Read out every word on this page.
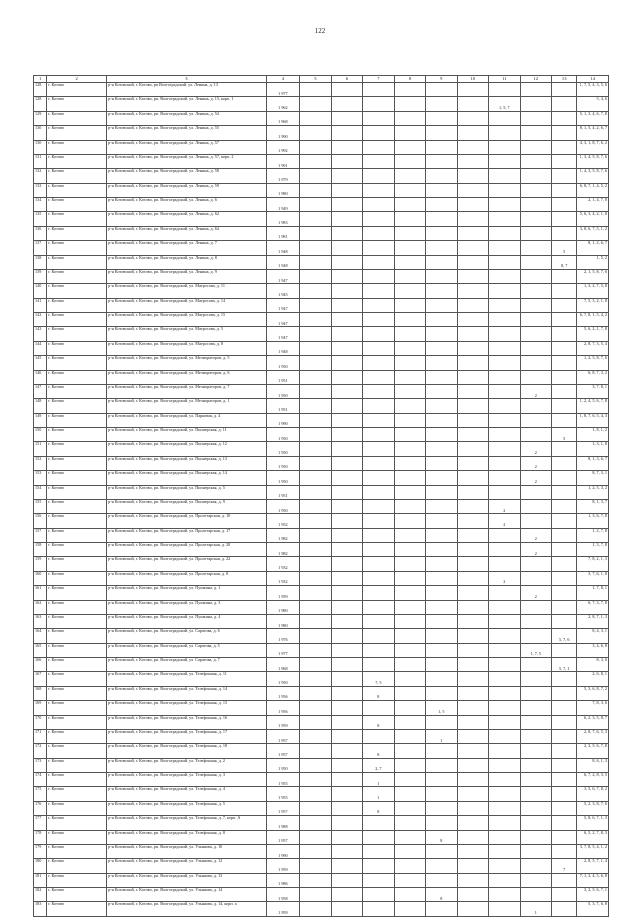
122
1	2	3	4	5	6	7	8	9	10	11	12	13	14
128	г. Котово	р-н Котовский, г. Котово, рп Волгоградский, ул. Ленина, д. 13	1 977										1, 7, 5, 4, 3, 5, 6
128	г. Котово	р-н Котовский, г. Котово, рп. Волгоградский, ул. Ленина, д. 15, корп. 1	1 962							1, 5, 7			5, 4, 6
129	г. Котово	р-н Котовский, г. Котово, рп. Волгоградский, ул. Ленина, д. 54	1 968										5, 1, 3, 4, 6, 7, 8
130	г. Котово	р-н Котовский, г. Котово, рп. Волгоградский, ул. Ленина, д. 55	1 990										8, 1, 5, 4, 2, 6, 7
130	г. Котово	р-н Котовский, г. Котово, рп. Волгоградский, ул. Ленина, д. 57	1 992										4, 3, 1, 8, 7, 6, 2
131	г. Котово	р-н Котовский, г. Котово, рп. Волгоградский, ул. Ленина, д. 57, корп. 2	1 991										1, 3, 4, 5, 8, 7, 6
132	г. Котово	р-н Котовский, г. Котово, рп. Волгоградский, ул. Ленина, д. 58	1 979										1, 4, 3, 5, 8, 7, 6
133	г. Котово	р-н Котовский, г. Котово, рп. Волгоградский, ул. Ленина, д. 59	1 980										6, 8, 7, 1, 4, 5, 2
134	г. Котово	р-н Котовский, г. Котово, рп. Волгоградский, ул. Ленина, д. 6	1 949										2, 1, 4, 7, 8
135	г. Котово	р-н Котовский, г. Котово, рп. Волгоградский, ул. Ленина, д. 62	1 983										5, 6, 3, 4, 2, 1, 8
136	г. Котово	р-н Котовский, г. Котово, рп. Волгоградский, ул. Ленина, д. 64	1 981										3, 8, 6, 7, 5, 1, 2
137	г. Котово	р-н Котовский, г. Котово, рп. Волгоградский, ул. Ленина, д. 7	1 948									5	8, 1, 2, 6, 7
138	г. Котово	р-н Котовский, г. Котово, рп. Волгоградский, ул. Ленина, д. 8	1 948									8, 7	1, 5, 2
139	г. Котово	р-н Котовский, г. Котово, рп. Волгоградский, ул. Ленина, д. 9	1 947										2, 1, 5, 8, 7, 6
140	г. Котово	р-н Котовский, г. Котово, рп. Волгоградский, ул. Матросова, д. 11	1 945										1, 3, 2, 7, 5, 8
141	г. Котово	р-н Котовский, г. Котово, рп. Волгоградский, ул. Матросова, д. 14	1 947										7, 5, 3, 2, 1, 8
142	г. Котово	р-н Котовский, г. Котово, рп. Волгоградский, ул. Матросова, д. 15	1 947										6, 7, 8, 1, 5, 4, 2
143	г. Котово	р-н Котовский, г. Котово, рп. Волгоградский, ул. Матросова, д. 5	1 947										5, 6, 2, 1, 7, 8
144	г. Котово	р-н Котовский, г. Котово, рп. Волгоградский, ул. Матросова, д. 8	1 948										2, 8, 7, 3, 5, 4
145	г. Котово	р-н Котовский, г. Котово, рп. Волгоградский, ул. Мелиораторов, д. 5	1 950										1, 2, 5, 8, 7, 6
146	г. Котово	р-н Котовский, г. Котово, рп. Волгоградский, ул. Мелиораторов, д. 6	1 951										6, 8, 7, 3, 2
147	г. Котово	р-н Котовский, г. Котово, рп. Волгоградский, ул. Мелиораторов, д. 7	1 950								2		3, 7, 8, 1
148	г. Котово	р-н Котовский, г. Котово, рп. Волгоградский, ул. Мелиораторов, д. 1	1 951										1, 2, 4, 5, 6, 7, 8
149	г. Котово	р-н Котовский, г. Котово, рп. Волгоградский, ул. Парковая, д. 4	1 990										1, 8, 7, 6, 5, 4, 3
150	г. Котово	р-н Котовский, г. Котово, рп. Волгоградский, ул. Пионерская, д. 11	1 950									5	1, 8, 1, 2
151	г. Котово	р-н Котовский, г. Котово, рп. Волгоградский, ул. Пионерская, д. 12	1 950								2		1, 3, 1, 8
152	г. Котово	р-н Котовский, г. Котово, рп. Волгоградский, ул. Пионерская, д. 13	1 950								2		8, 1, 3, 6, 7
153	г. Котово	р-н Котовский, г. Котово, рп. Волгоградский, ул. Пионерская, д. 14	1 950								2		8, 7, 3, 1
154	г. Котово	р-н Котовский, г. Котово, рп. Волгоградский, ул. Пионерская, д. 5	1 951										1, 2, 5, 3, 2
155	г. Котово	р-н Котовский, г. Котово, рп. Волгоградский, ул. Пионерская, д. 9	1 950							2			8, 1, 3, 7
156	г. Котово	р-н Котовский, г. Котово, рп. Волгоградский, ул. Пролетарская, д. 10	1 952							2			1, 3, 6, 7, 8
157	г. Котово	р-н Котовский, г. Котово, рп. Волгоградский, ул. Пролетарская, д. 17	1 982								2		1, 2, 7, 8
158	г. Котово	р-н Котовский, г. Котово, рп. Волгоградский, ул. Пролетарская, д. 20	1 982								2		1, 3, 7, 8
159	г. Котово	р-н Котовский, г. Котово, рп. Волгоградский, ул. Пролетарская, д. 22	1 932										7, 8, 2, 1, 3
160	г. Котово	р-н Котовский, г. Котово, рп. Волгоградский, ул. Пролетарская, д. 8	1 932							2			3, 7, 6, 1, 8
161	г. Котово	р-н Котовский, г. Котово, рп. Волгоградский, ул. Пушкина, д. 1	1 959								2		1, 7, 8, 1
162	г. Котово	р-н Котовский, г. Котово, рп. Волгоградский, ул. Пушкина, д. 3	1 980										6, 7, 3, 7, 8
163	г. Котово	р-н Котовский, г. Котово, рп. Волгоградский, ул. Пушкина, д. 4	1 980										2, 8, 7, 1, 3
164	г. Котово	р-н Котовский, г. Котово, рп. Волгоградский, ул. Саратова, д. 6	1 976									5, 7, 6	8, 4, 3, 1
165	г. Котово	р-н Котовский, г. Котово, рп. Волгоградский, ул. Саратова, д. 5	1 977								1, 7, 5		3, 4, 6, 8
166	г. Котово	р-н Котовский, г. Котово, рп. Волгоградский, ул. Саратова, д. 7	1 968									5, 7, 1	8, 3, 6
167	г. Котово	р-н Котовский, г. Котово, рп. Волгоградский, ул. Телефонная, д. 11	1 950			7, 5							2, 6, 8, 1
168	г. Котово	р-н Котовский, г. Котово, рп. Волгоградский, ул. Телефонная, д. 14	1 956			8							5, 3, 6, 8, 7, 2
169	г. Котово	р-н Котовский, г. Котово, рп. Волгоградский, ул. Телефонная, д. 15	1 956					1, 5					7, 8, 3, 6
170	г. Котово	р-н Котовский, г. Котово, рп. Волгоградский, ул. Телефонная, д. 16	1 959			8							6, 2, 3, 5, 8, 7
171	г. Котово	р-н Котовский, г. Котово, рп. Волгоградский, ул. Телефонная, д. 17	1 957					1					2, 8, 7, 6, 5, 3
172	г. Котово	р-н Котовский, г. Котово, рп. Волгоградский, ул. Телефонная, д. 18	1 957			8							2, 3, 5, 6, 7, 8
173	г. Котово	р-н Котовский, г. Котово, рп. Волгоградский, ул. Телефонная, д. 2	1 950			2, 7							8, 6, 1, 3
174	г. Котово	р-н Котовский, г. Котово, рп. Волгоградский, ул. Телефонная, д. 3	1 955			1							6, 7, 2, 8, 3, 5
175	г. Котово	р-н Котовский, г. Котово, рп. Волгоградский, ул. Телефонная, д. 4	1 955			1							3, 5, 6, 7, 8, 2
176	г. Котово	р-н Котовский, г. Котово, рп. Волгоградский, ул. Телефонная, д. 5	1 957			8							5, 2, 3, 8, 7, 6
177	г. Котово	р-н Котовский, г. Котово, рп. Волгоградский, ул. Телефонная, д. 7, корп. А	1 988										5, 8, 6, 7, 1, 3
178	г. Котово	р-н Котовский, г. Котово, рп. Волгоградский, ул. Телефонная, д. 8	1 957					8					6, 5, 2, 7, 8, 3
179	г. Котово	р-н Котовский, г. Котово, рп. Волгоградский, ул. Ульянова, д. 10	1 990										3, 7, 8, 5, 4, 1, 2
180	г. Котово	р-н Котовский, г. Котово, рп. Волгоградский, ул. Ульянова, д. 12	1 959									7	2, 8, 5, 7, 1, 4
181	г. Котово	р-н Котовский, г. Котово, рп. Волгоградский, ул. Ульянова, д. 13	1 986										7, 1, 3, 4, 5, 6, 8
182	г. Котово	р-н Котовский, г. Котово, рп. Волгоградский, ул. Ульянова, д. 14	1 958					8					3, 2, 5, 6, 7, 1
183	г. Котово	р-н Котовский, г. Котово, рп. Волгоградский, ул. Ульянова, д. 14, корп. а	1 959								1		5, 3, 7, 6, 8
